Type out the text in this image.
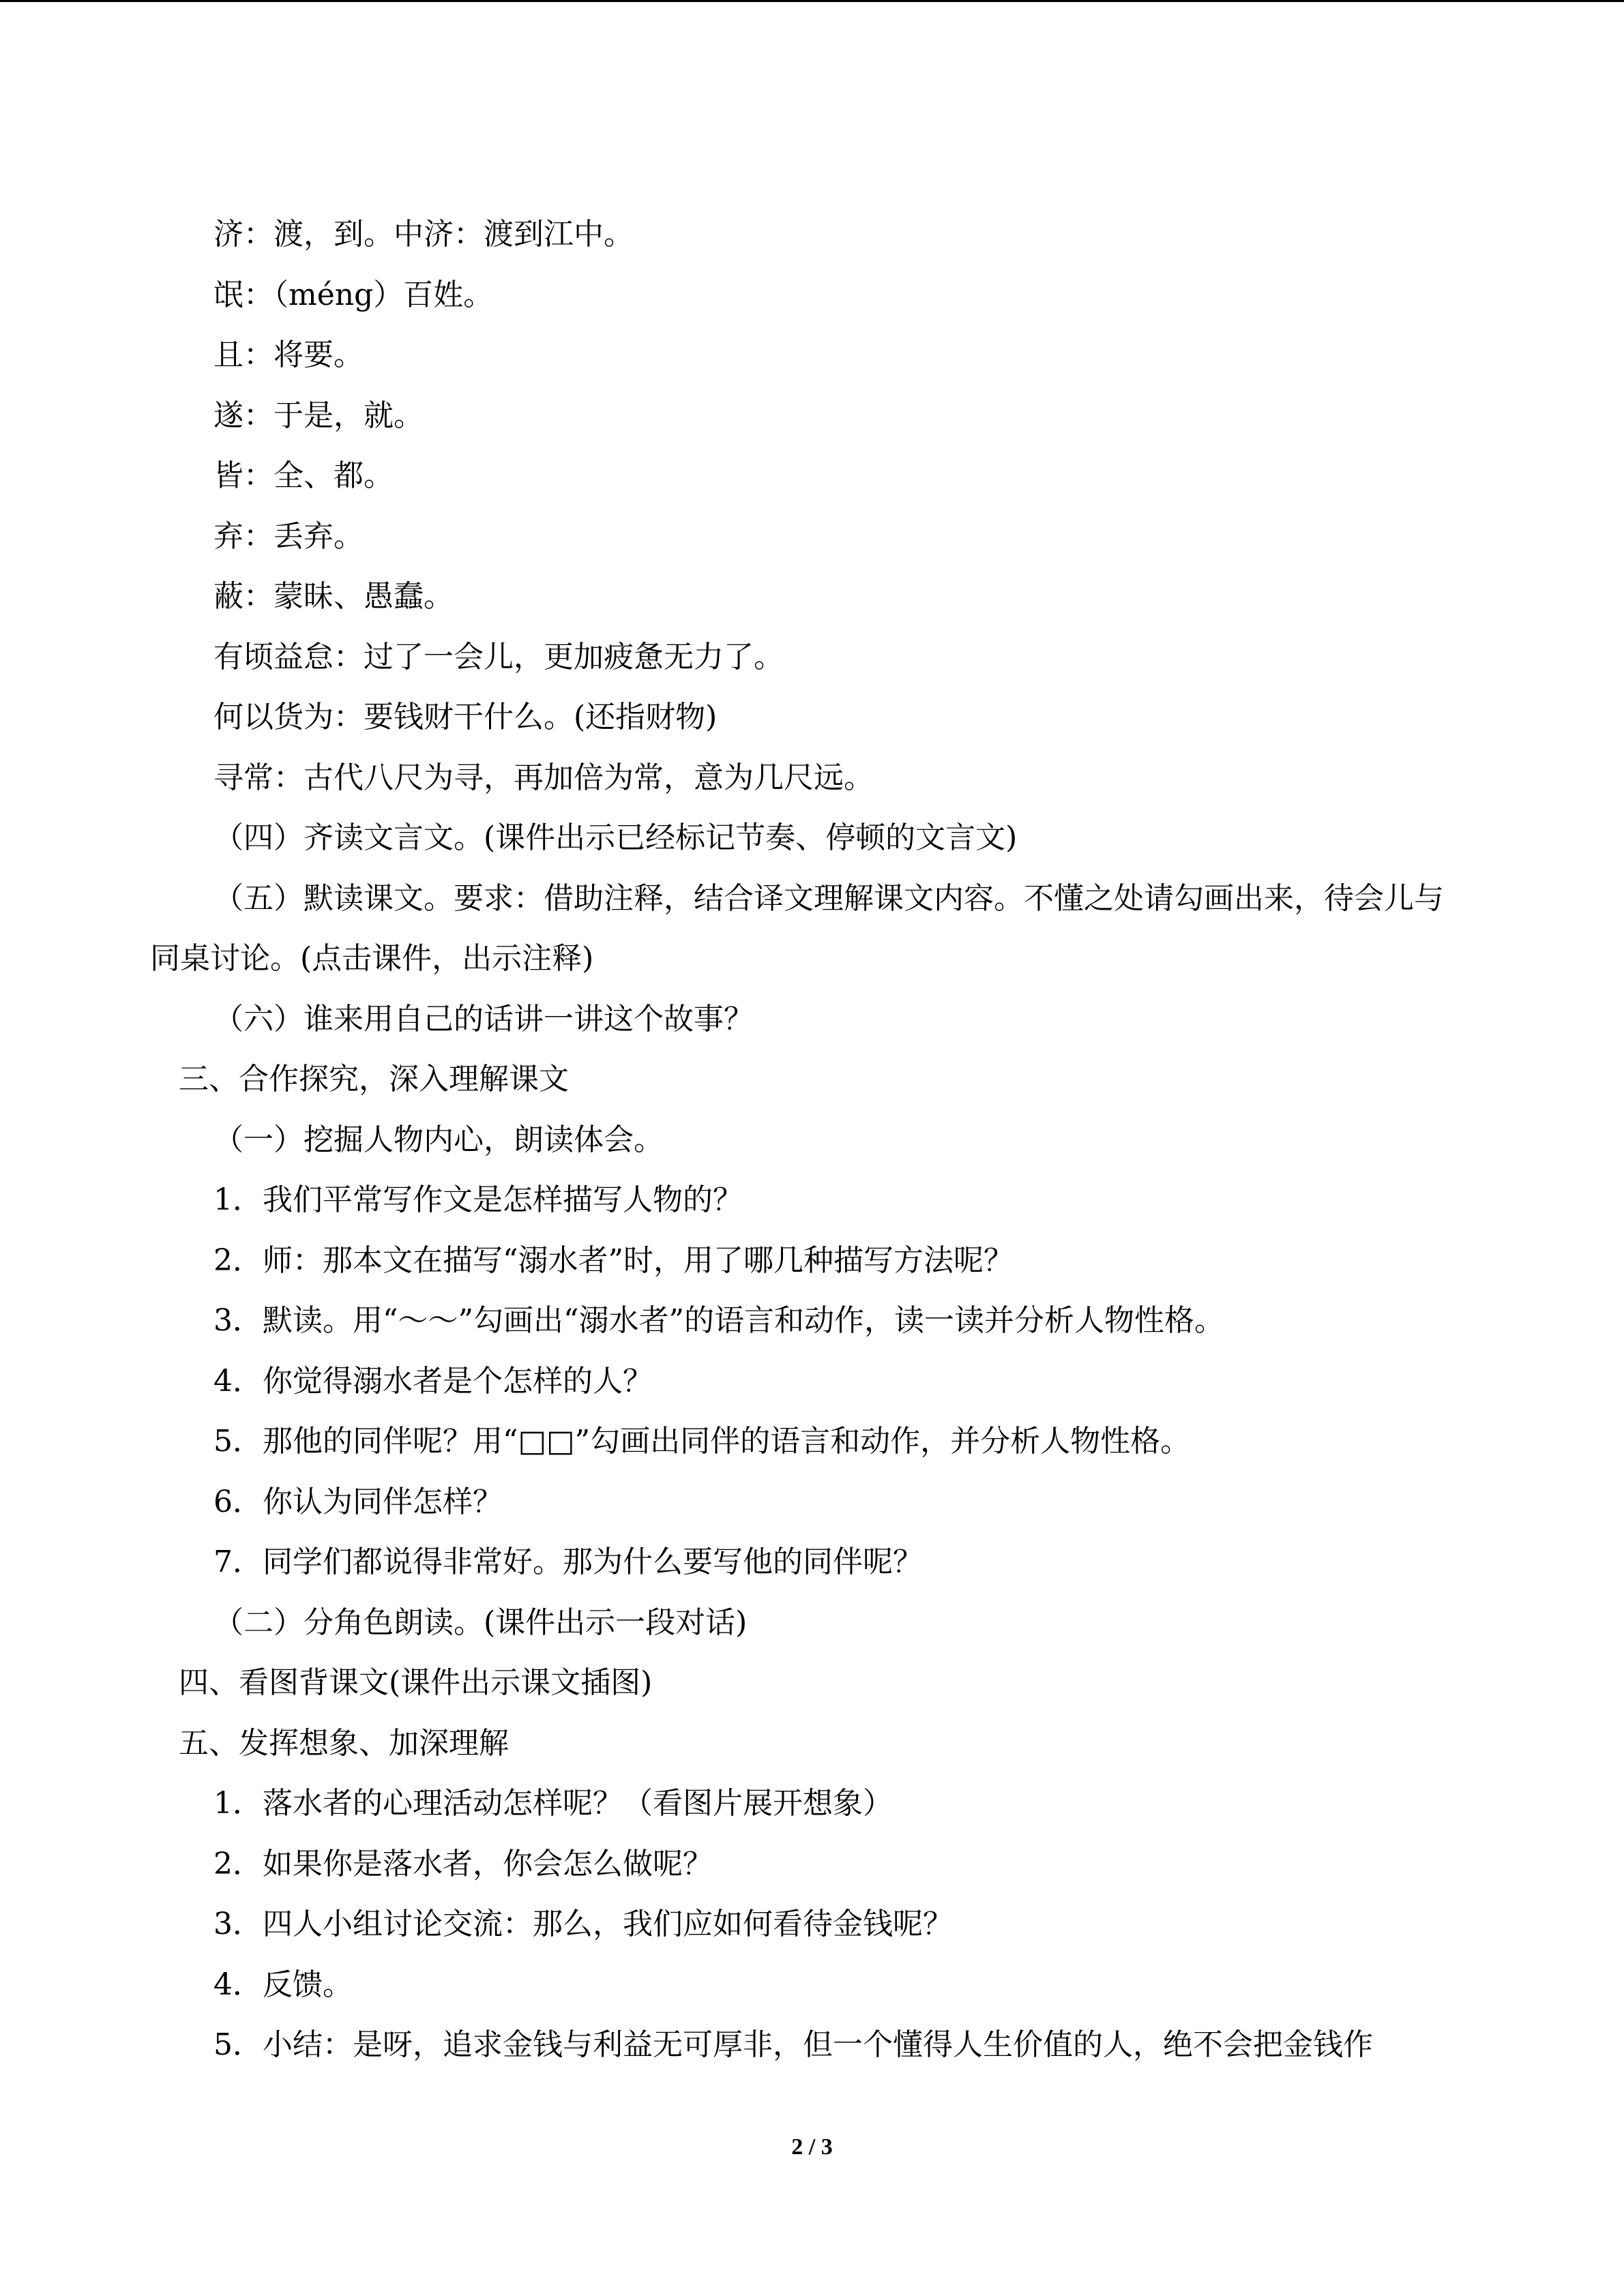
济：渡，到。中济：渡到江中。

氓：（méng）百姓。

且：将要。

遂：于是，就。

皆：全、都。

弃：丢弃。

蔽：蒙昧、愚蠢。

有顷益怠：过了一会儿，更加疲惫无力了。

何以货为：要钱财干什么。(还指财物)

寻常：古代八尺为寻，再加倍为常，意为几尺远。

（四）齐读文言文。(课件出示已经标记节奏、停顿的文言文)

（五）默读课文。要求：借助注释，结合译文理解课文内容。不懂之处请勾画出来，待会儿与同桌讨论。(点击课件，出示注释)

（六）谁来用自己的话讲一讲这个故事？

三、合作探究，深入理解课文

（一）挖掘人物内心，朗读体会。

1．我们平常写作文是怎样描写人物的？

2．师：那本文在描写“溺水者”时，用了哪几种描写方法呢？

3．默读。用“～～”勾画出“溺水者”的语言和动作，读一读并分析人物性格。

4．你觉得溺水者是个怎样的人？

5．那他的同伴呢？用“□□”勾画出同伴的语言和动作，并分析人物性格。

6．你认为同伴怎样？

7．同学们都说得非常好。那为什么要写他的同伴呢？

（二）分角色朗读。(课件出示一段对话)

四、看图背课文(课件出示课文插图)

五、发挥想象、加深理解

1．落水者的心理活动怎样呢？（看图片展开想象）

2．如果你是落水者，你会怎么做呢？

3．四人小组讨论交流：那么，我们应如何看待金钱呢？

4．反馈。

5．小结：是呀，追求金钱与利益无可厚非，但一个懂得人生价值的人，绝不会把金钱作

2 / 3
